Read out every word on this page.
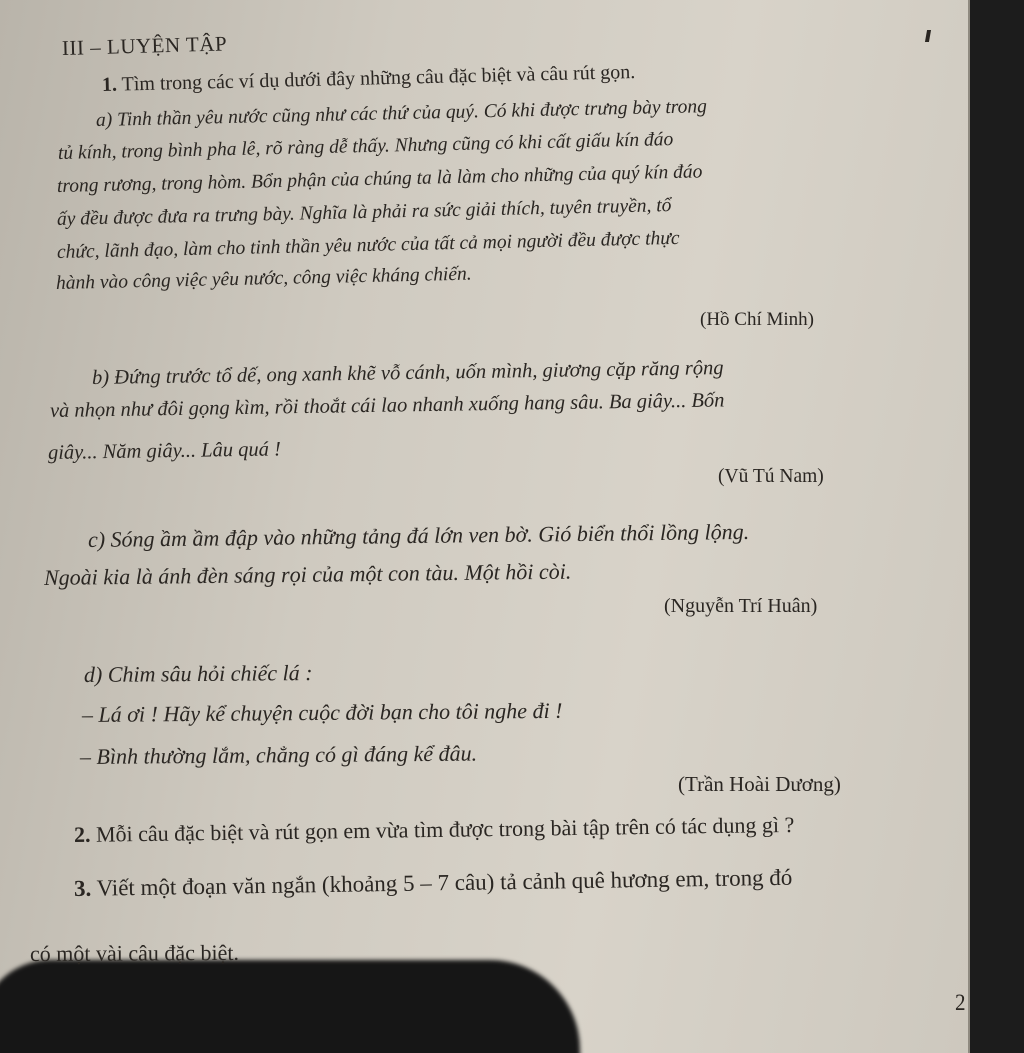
III – LUYỆN TẬP
1. Tìm trong các ví dụ dưới đây những câu đặc biệt và câu rút gọn.
a) Tinh thần yêu nước cũng như các thứ của quý. Có khi được trưng bày trong
tủ kính, trong bình pha lê, rõ ràng dễ thấy. Nhưng cũng có khi cất giấu kín đáo
trong rương, trong hòm. Bổn phận của chúng ta là làm cho những của quý kín đáo
ấy đều được đưa ra trưng bày. Nghĩa là phải ra sức giải thích, tuyên truyền, tổ
chức, lãnh đạo, làm cho tinh thần yêu nước của tất cả mọi người đều được thực
hành vào công việc yêu nước, công việc kháng chiến.
(Hồ Chí Minh)
b) Đứng trước tổ dế, ong xanh khẽ vỗ cánh, uốn mình, giương cặp răng rộng
và nhọn như đôi gọng kìm, rồi thoắt cái lao nhanh xuống hang sâu. Ba giây... Bốn
giây... Năm giây... Lâu quá !
(Vũ Tú Nam)
c) Sóng ầm ầm đập vào những tảng đá lớn ven bờ. Gió biển thổi lồng lộng.
Ngoài kia là ánh đèn sáng rọi của một con tàu. Một hồi còi.
(Nguyễn Trí Huân)
d) Chim sâu hỏi chiếc lá :
– Lá ơi ! Hãy kể chuyện cuộc đời bạn cho tôi nghe đi !
– Bình thường lắm, chẳng có gì đáng kể đâu.
(Trần Hoài Dương)
2. Mỗi câu đặc biệt và rút gọn em vừa tìm được trong bài tập trên có tác dụng gì ?
3. Viết một đoạn văn ngắn (khoảng 5 – 7 câu) tả cảnh quê hương em, trong đó
có một vài câu đặc biệt.
2
